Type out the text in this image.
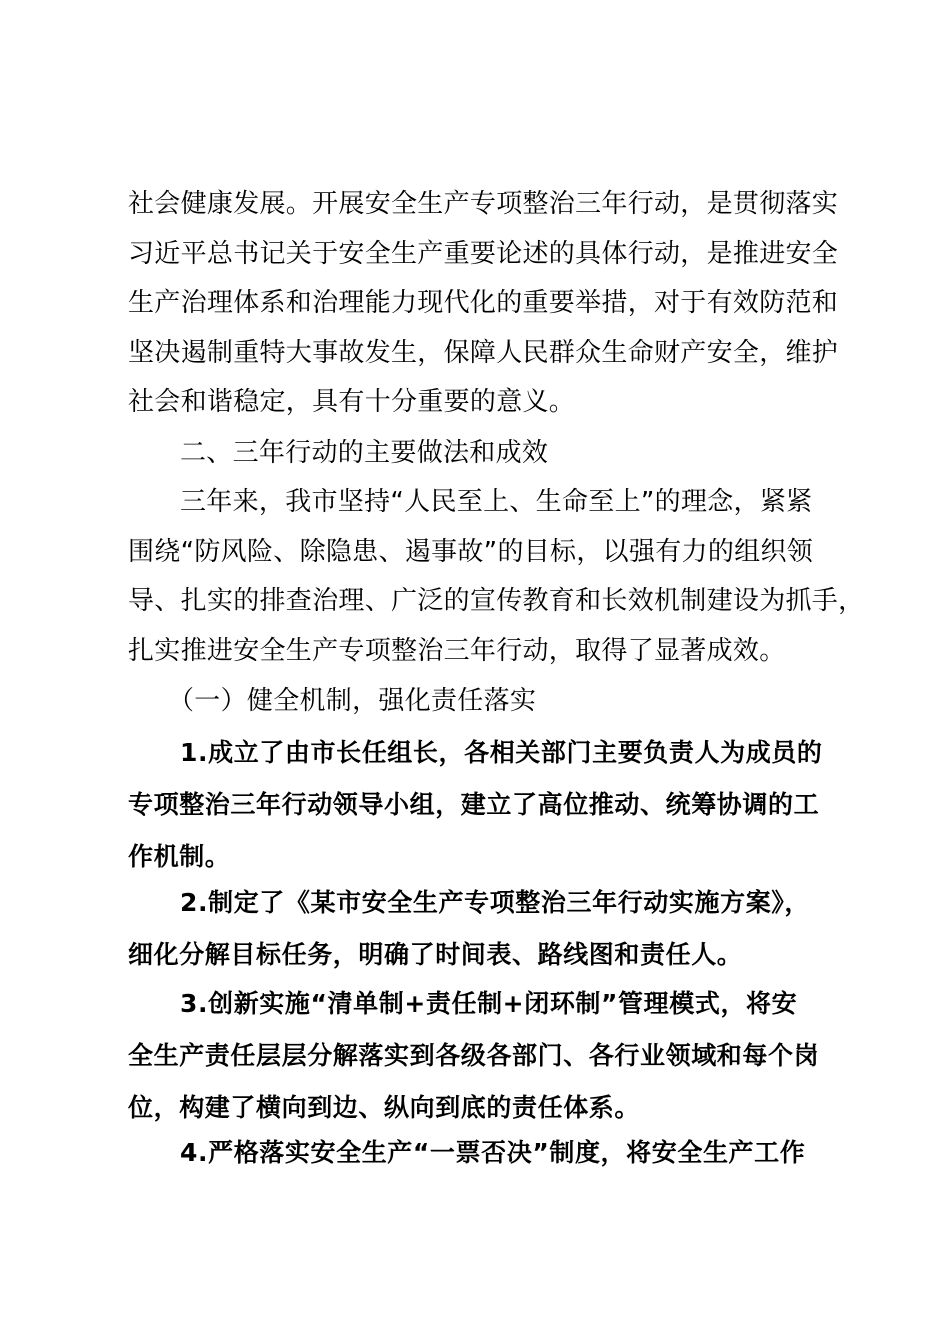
社会健康发展。开展安全生产专项整治三年行动，是贯彻落实
习近平总书记关于安全生产重要论述的具体行动，是推进安全
生产治理体系和治理能力现代化的重要举措，对于有效防范和
坚决遏制重特大事故发生，保障人民群众生命财产安全，维护
社会和谐稳定，具有十分重要的意义。
二、三年行动的主要做法和成效
三年来，我市坚持“人民至上、生命至上”的理念，紧紧
围绕“防风险、除隐患、遏事故”的目标，以强有力的组织领
导、扎实的排查治理、广泛的宣传教育和长效机制建设为抓手，
扎实推进安全生产专项整治三年行动，取得了显著成效。
（一）健全机制，强化责任落实
1.成立了由市长任组长，各相关部门主要负责人为成员的
专项整治三年行动领导小组，建立了高位推动、统筹协调的工
作机制。
2.制定了《某市安全生产专项整治三年行动实施方案》，
细化分解目标任务，明确了时间表、路线图和责任人。
3.创新实施“清单制+责任制+闭环制”管理模式，将安
全生产责任层层分解落实到各级各部门、各行业领域和每个岗
位，构建了横向到边、纵向到底的责任体系。
4.严格落实安全生产“一票否决”制度，将安全生产工作
